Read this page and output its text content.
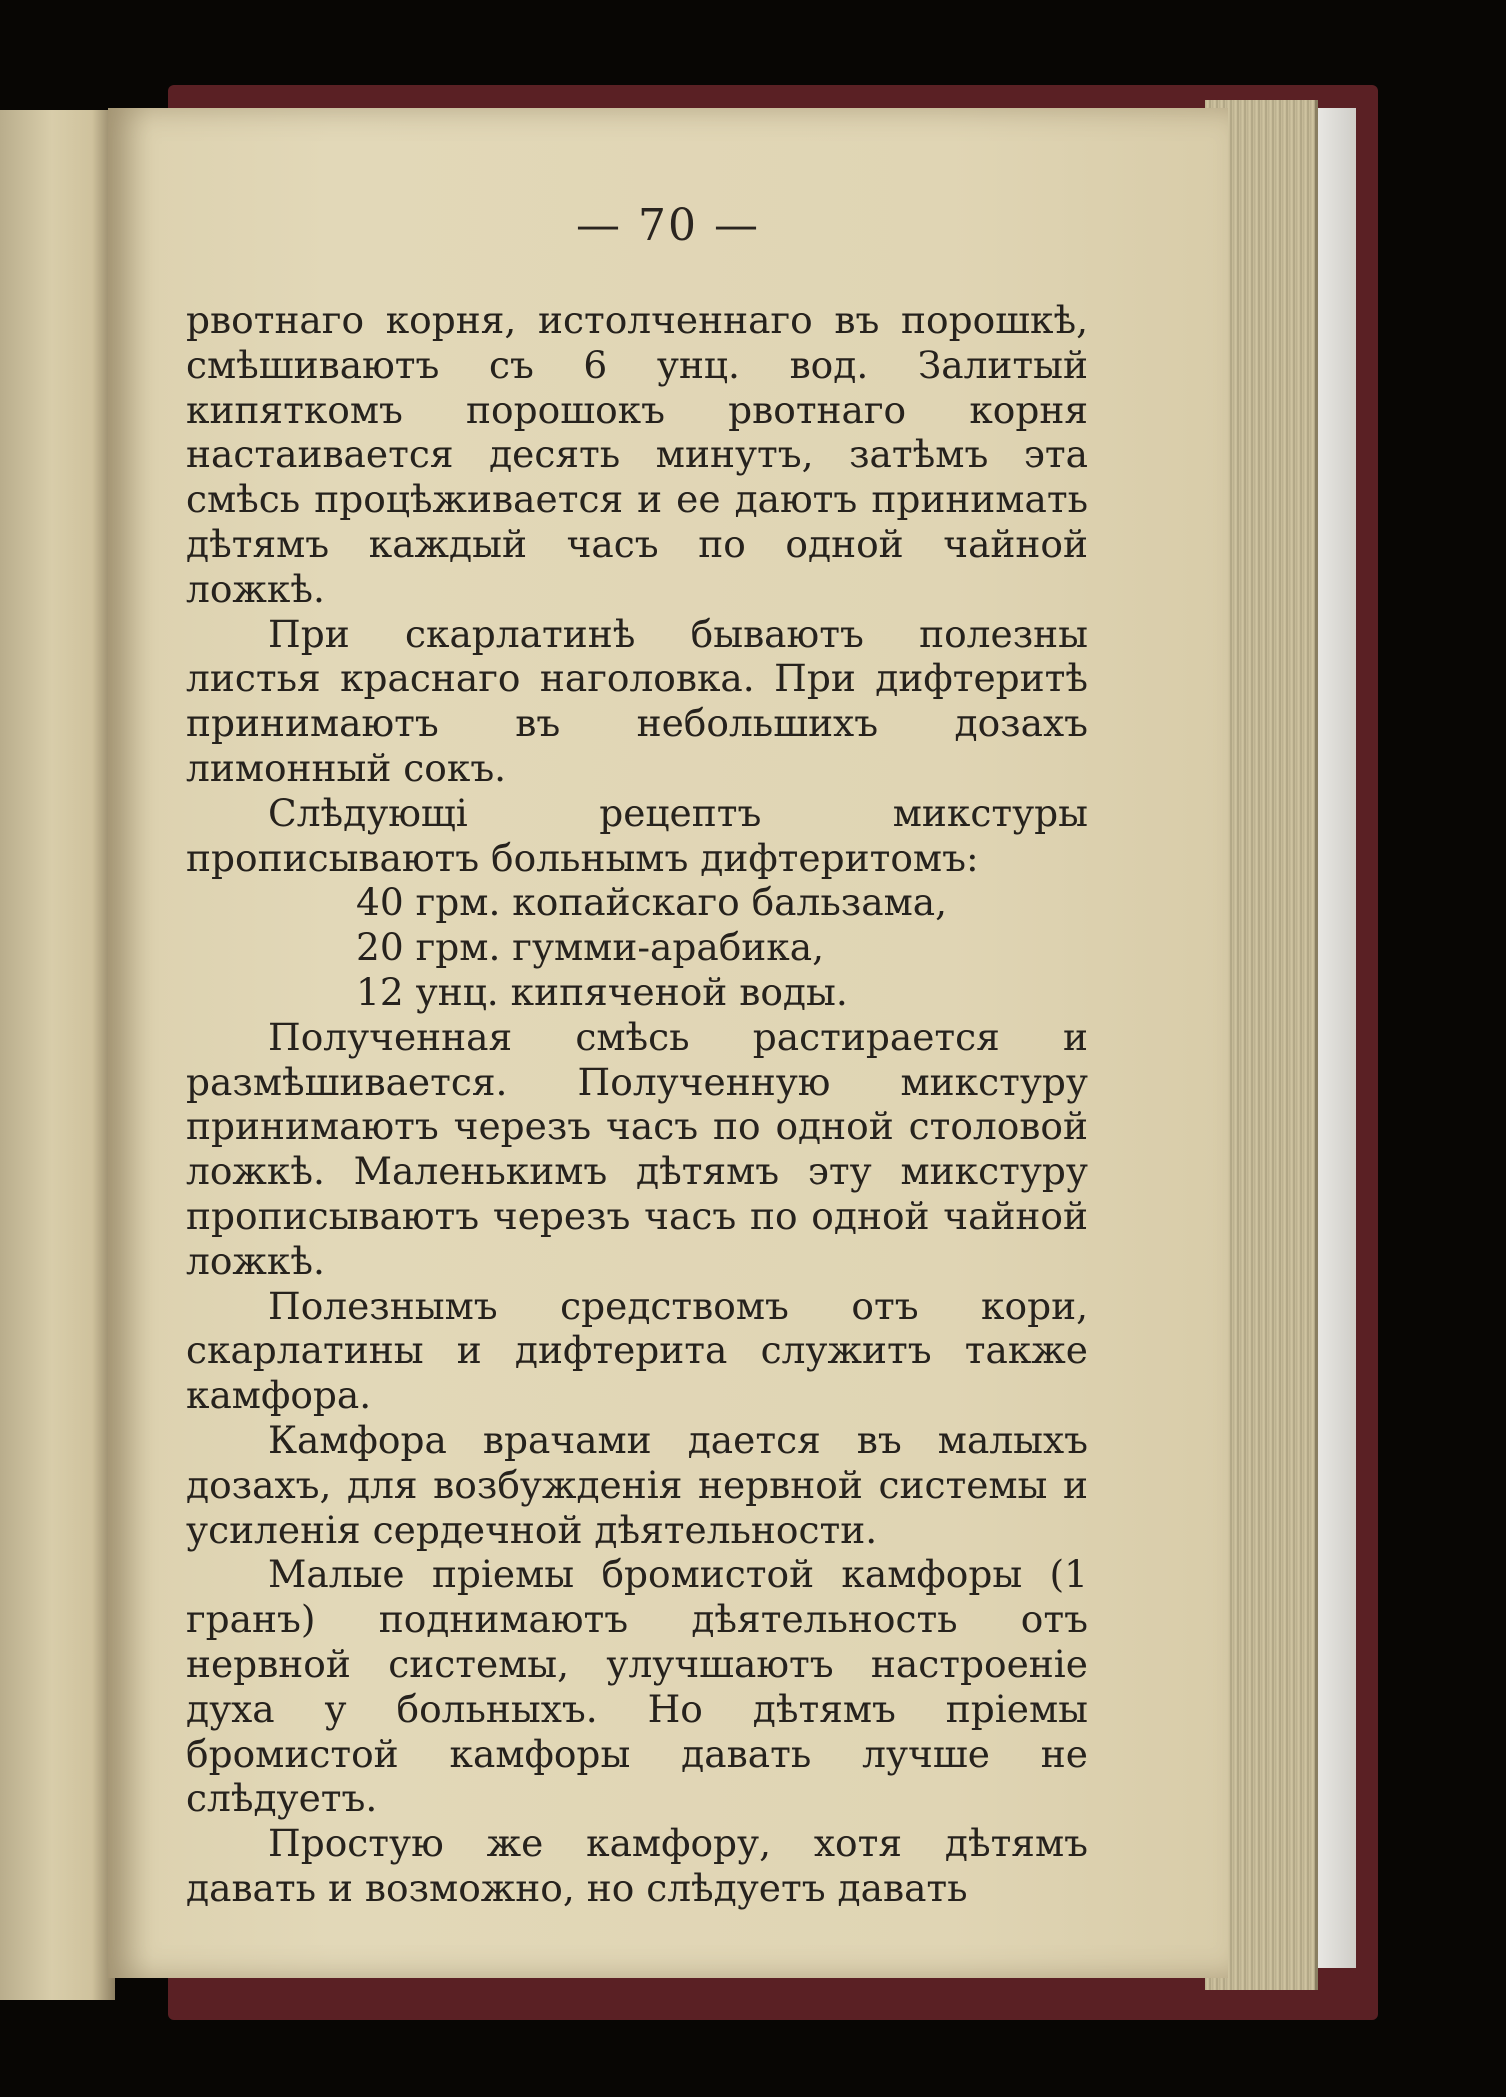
— 70 —

рвотнаго корня, истолченнаго въ порошкѣ, смѣшиваютъ съ 6 унц. вод. Залитый кипяткомъ порошокъ рвотнаго корня настаивается десять минутъ, затѣмъ эта смѣсь процѣживается и ее даютъ принимать дѣтямъ каждый часъ по одной чайной ложкѣ.

При скарлатинѣ бываютъ полезны листья краснаго наголовка. При дифтеритѣ принимаютъ въ небольшихъ дозахъ лимонный сокъ.

Слѣдующі рецептъ микстуры прописываютъ больнымъ дифтеритомъ:

40 грм. копайскаго бальзама,
20 грм. гумми-арабика,
12 унц. кипяченой воды.

Полученная смѣсь растирается и размѣшивается. Полученную микстуру принимаютъ черезъ часъ по одной столовой ложкѣ. Маленькимъ дѣтямъ эту микстуру прописываютъ черезъ часъ по одной чайной ложкѣ.

Полезнымъ средствомъ отъ кори, скарлатины и дифтерита служитъ также камфора.

Камфора врачами дается въ малыхъ дозахъ, для возбужденія нервной системы и усиленія сердечной дѣятельности.

Малые пріемы бромистой камфоры (1 гранъ) поднимаютъ дѣятельность отъ нервной системы, улучшаютъ настроеніе духа у больныхъ. Но дѣтямъ пріемы бромистой камфоры давать лучше не слѣдуетъ.

Простую же камфору, хотя дѣтямъ давать и возможно, но слѣдуетъ давать
